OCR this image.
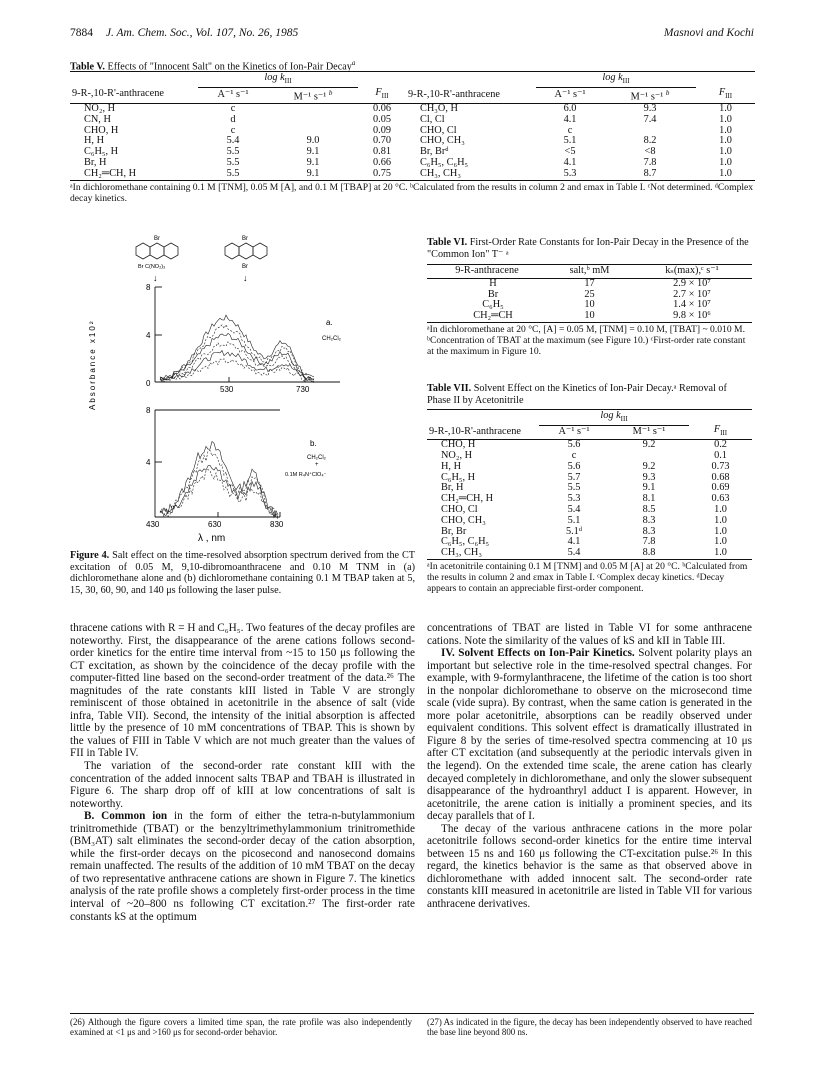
7884 J. Am. Chem. Soc., Vol. 107, No. 26, 1985	Masnovi and Kochi
Table V. Effects of "Innocent Salt" on the Kinetics of Ion-Pair Decay$^a$
	$\log k_{III}$				$\log k_{III}$	
9-R-,10-R'-anthracene	A⁻¹ s⁻¹	M⁻¹ s⁻¹ $^b$	$F_{III}$	9-R-,10-R'-anthracene	A⁻¹ s⁻¹	M⁻¹ s⁻¹ $^b$	$F_{III}$
NO₂, H	c		0.06	CH₃O, H	6.0	9.3	1.0
CN, H	d		0.05	Cl, Cl	4.1	7.4	1.0
CHO, H	c		0.09	CHO, Cl	c		1.0
H, H	5.4	9.0	0.70	CHO, CH₃	5.1	8.2	1.0
C₆H₅, H	5.5	9.1	0.81	Br, Brᵈ	<5	<8	1.0
Br, H	5.5	9.1	0.66	C₆H₅, C₆H₅	4.1	7.8	1.0
CH₂═CH, H	5.5	9.1	0.75	CH₃, CH₃	5.3	8.7	1.0
ᵃIn dichloromethane containing 0.1 M [TNM], 0.05 M [A], and 0.1 M [TBAP] at 20 °C. ᵇCalculated from the results in column 2 and εmax in Table I. ᶜNot determined. ᵈComplex decay kinetics.
Br
Br C(NO₂)₃
↓
Br
Br
↓
Absorbance x10²
8
4
0
530	730
a.
CH₂Cl₂
8
4
430	630	830
b.
CH₂Cl₂
+
0.1M R₄N⁺ClO₄⁻
λ , nm
Figure 4. Salt effect on the time-resolved absorption spectrum derived from the CT excitation of 0.05 M, 9,10-dibromoanthracene and 0.10 M TNM in (a) dichloromethane alone and (b) dichloromethane containing 0.1 M TBAP taken at 5, 15, 30, 60, 90, and 140 μs following the laser pulse.

thracene cations with R = H and C₆H₅. Two features of the decay profiles are noteworthy. First, the disappearance of the arene cations follows second-order kinetics for the entire time interval from ~15 to 150 μs following the CT excitation, as shown by the coincidence of the decay profile with the computer-fitted line based on the second-order treatment of the data.²⁶ The magnitudes of the rate constants kIII listed in Table V are strongly reminiscent of those obtained in acetonitrile in the absence of salt (vide infra, Table VII). Second, the intensity of the initial absorption is affected little by the presence of 10 mM concentrations of TBAP. This is shown by the values of FIII in Table V which are not much greater than the values of FII in Table IV.

The variation of the second-order rate constant kIII with the concentration of the added innocent salts TBAP and TBAH is illustrated in Figure 6. The sharp drop off of kIII at low concentrations of salt is noteworthy.

B. Common ion in the form of either the tetra-n-butylammonium trinitromethide (TBAT) or the benzyltrimethylammonium trinitromethide (BM₃AT) salt eliminates the second-order decay of the cation absorption, while the first-order decays on the picosecond and nanosecond domains remain unaffected. The results of the addition of 10 mM TBAT on the decay of two representative anthracene cations are shown in Figure 7. The kinetics analysis of the rate profile shows a completely first-order process in the time interval of ~20–800 ns following CT excitation.²⁷ The first-order rate constants kS at the optimum

Table VI. First-Order Rate Constants for Ion-Pair Decay in the Presence of the "Common Ion" T⁻ ᵃ
9-R-anthracene	salt,ᵇ mM	kₛ(max),ᶜ s⁻¹
H	17	2.9 × 10⁷
Br	25	2.7 × 10⁷
C₆H₅	10	1.4 × 10⁷
CH₂═CH	10	9.8 × 10⁶
ᵃIn dichloromethane at 20 °C, [A] = 0.05 M, [TNM] = 0.10 M, [TBAT] ~ 0.010 M. ᵇConcentration of TBAT at the maximum (see Figure 10.) ᶜFirst-order rate constant at the maximum in Figure 10.
Table VII. Solvent Effect on the Kinetics of Ion-Pair Decay.ᵃ Removal of Phase II by Acetonitrile
	$\log k_{III}$	
9-R-,10-R'-anthracene	A⁻¹ s⁻¹	M⁻¹ s⁻¹	$F_{III}$
CHO, H	5.6	9.2	0.2
NO₂, H	c		0.1
H, H	5.6	9.2	0.73
C₆H₅, H	5.7	9.3	0.68
Br, H	5.5	9.1	0.69
CH₂═CH, H	5.3	8.1	0.63
CHO, Cl	5.4	8.5	1.0
CHO, CH₃	5.1	8.3	1.0
Br, Br	5.1ᵈ	8.3	1.0
C₆H₅, C₆H₅	4.1	7.8	1.0
CH₃, CH₃	5.4	8.8	1.0
ᵃIn acetonitrile containing 0.1 M [TNM] and 0.05 M [A] at 20 °C. ᵇCalculated from the results in column 2 and εmax in Table I. ᶜComplex decay kinetics. ᵈDecay appears to contain an appreciable first-order component.

concentrations of TBAT are listed in Table VI for some anthracene cations. Note the similarity of the values of kS and kII in Table III.

IV. Solvent Effects on Ion-Pair Kinetics. Solvent polarity plays an important but selective role in the time-resolved spectral changes. For example, with 9-formylanthracene, the lifetime of the cation is too short in the nonpolar dichloromethane to observe on the microsecond time scale (vide supra). By contrast, when the same cation is generated in the more polar acetonitrile, absorptions can be readily observed under equivalent conditions. This solvent effect is dramatically illustrated in Figure 8 by the series of time-resolved spectra commencing at 10 μs after CT excitation (and subsequently at the periodic intervals given in the legend). On the extended time scale, the arene cation has clearly decayed completely in dichloromethane, and only the slower subsequent disappearance of the hydroanthryl adduct I is apparent. However, in acetonitrile, the arene cation is initially a prominent species, and its decay parallels that of I.

The decay of the various anthracene cations in the more polar acetonitrile follows second-order kinetics for the entire time interval between 15 ns and 160 μs following the CT-excitation pulse.²⁶ In this regard, the kinetics behavior is the same as that observed above in dichloromethane with added innocent salt. The second-order rate constants kIII measured in acetonitrile are listed in Table VII for various anthracene derivatives.

(26) Although the figure covers a limited time span, the rate profile was also independently examined at <1 μs and >160 μs for second-order behavior.
(27) As indicated in the figure, the decay has been independently observed to have reached the base line beyond 800 ns.
